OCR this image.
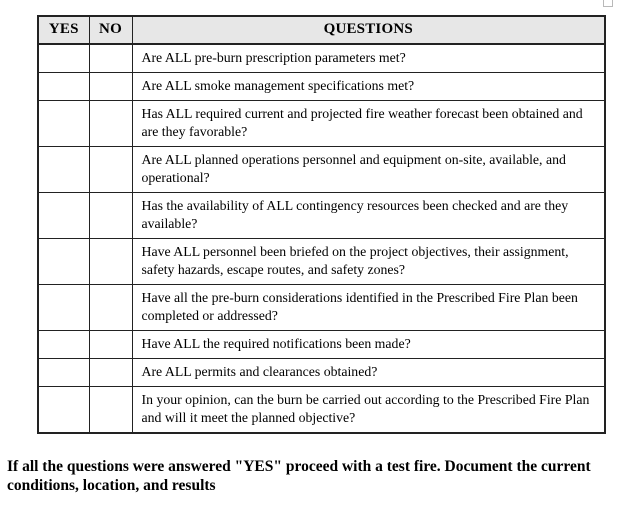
YES	NO	QUESTIONS
		Are ALL pre-burn prescription parameters met?
		Are ALL smoke management specifications met?
		Has ALL required current and projected fire weather forecast been obtained and are they favorable?
		Are ALL planned operations personnel and equipment on-site, available, and operational?
		Has the availability of ALL contingency resources been checked and are they available?
		Have ALL personnel been briefed on the project objectives, their assignment, safety hazards, escape routes, and safety zones?
		Have all the pre-burn considerations identified in the Prescribed Fire Plan been completed or addressed?
		Have ALL the required notifications been made?
		Are ALL permits and clearances obtained?
		In your opinion, can the burn be carried out according to the Prescribed Fire Plan and will it meet the planned objective?

If all the questions were answered "YES" proceed with a test fire. Document the current
conditions, location, and results
